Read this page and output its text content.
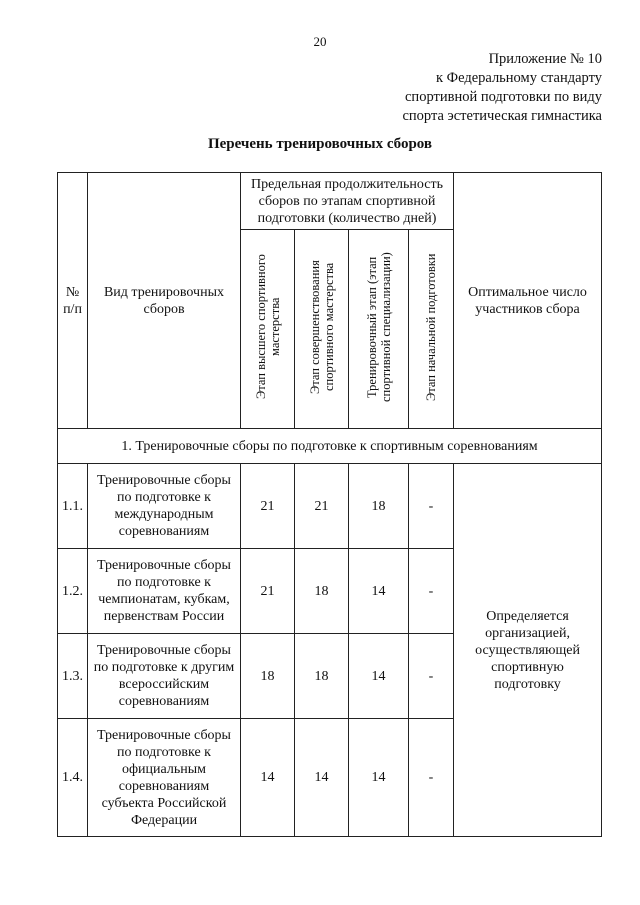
20
Приложение № 10
к Федеральному стандарту
спортивной подготовки по виду
спорта эстетическая гимнастика
Перечень тренировочных сборов
№ п/п	Вид тренировочных сборов	Предельная продолжительность сборов по этапам спортивной подготовки (количество дней)				Оптимальное число участников сбора
		Этап высшего спортивного мастерства	Этап совершенствования спортивного мастерства	Тренировочный этап (этап спортивной специализации)	Этап начальной подготовки	
1. Тренировочные сборы по подготовке к спортивным соревнованиям						
1.1.	Тренировочные сборы по подготовке к международным соревнованиям	21	21	18	-	Определяется организацией, осуществляющей спортивную подготовку
1.2.	Тренировочные сборы по подготовке к чемпионатам, кубкам, первенствам России	21	18	14	-	
1.3.	Тренировочные сборы по подготовке к другим всероссийским соревнованиям	18	18	14	-	
1.4.	Тренировочные сборы по подготовке к официальным соревнованиям субъекта Российской Федерации	14	14	14	-	
